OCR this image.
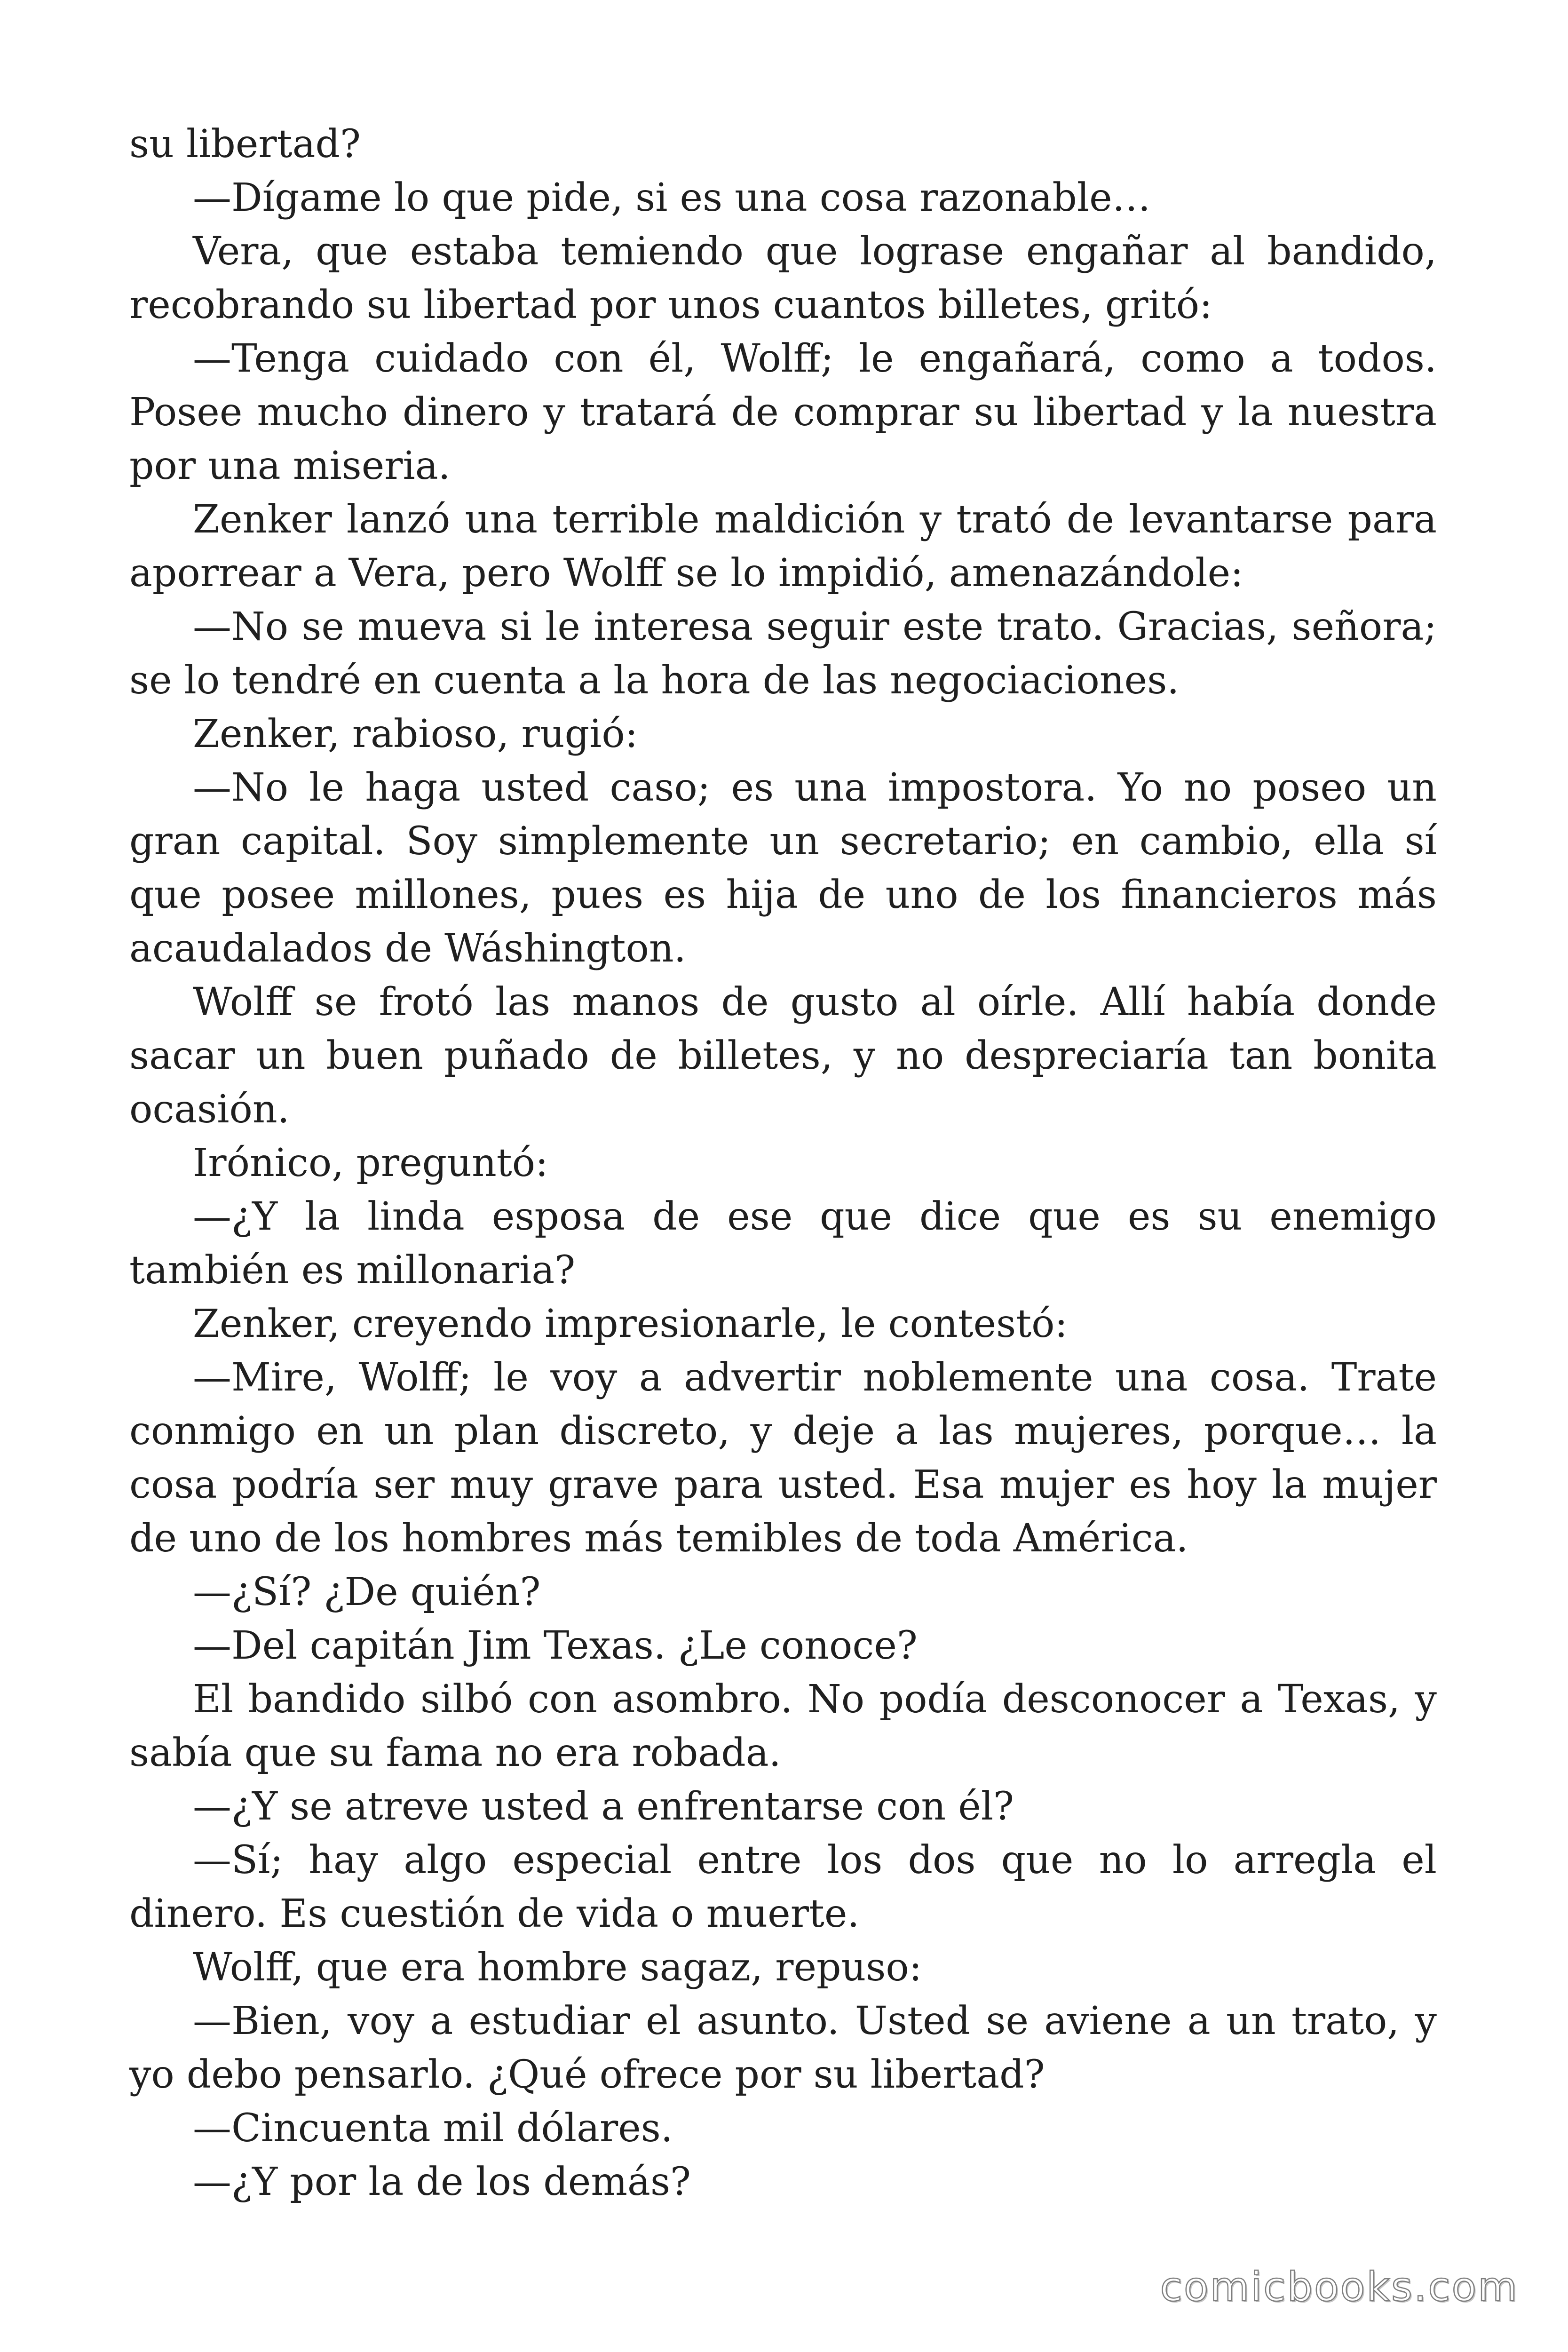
su libertad?

—Dígame lo que pide, si es una cosa razonable…

Vera, que estaba temiendo que lograse engañar al bandido, recobrando su libertad por unos cuantos billetes, gritó:

—Tenga cuidado con él, Wolff; le engañará, como a todos. Posee mucho dinero y tratará de comprar su libertad y la nuestra por una miseria.

Zenker lanzó una terrible maldición y trató de levantarse para aporrear a Vera, pero Wolff se lo impidió, amenazándole:

—No se mueva si le interesa seguir este trato. Gracias, señora; se lo tendré en cuenta a la hora de las negociaciones.

Zenker, rabioso, rugió:

—No le haga usted caso; es una impostora. Yo no poseo un gran capital. Soy simplemente un secretario; en cambio, ella sí que posee millones, pues es hija de uno de los financieros más acaudalados de Wáshington.

Wolff se frotó las manos de gusto al oírle. Allí había donde sacar un buen puñado de billetes, y no despreciaría tan bonita ocasión.

Irónico, preguntó:

—¿Y la linda esposa de ese que dice que es su enemigo también es millonaria?

Zenker, creyendo impresionarle, le contestó:

—Mire, Wolff; le voy a advertir noblemente una cosa. Trate conmigo en un plan discreto, y deje a las mujeres, porque… la cosa podría ser muy grave para usted. Esa mujer es hoy la mujer de uno de los hombres más temibles de toda América.

—¿Sí? ¿De quién?

—Del capitán Jim Texas. ¿Le conoce?

El bandido silbó con asombro. No podía desconocer a Texas, y sabía que su fama no era robada.

—¿Y se atreve usted a enfrentarse con él?

—Sí; hay algo especial entre los dos que no lo arregla el dinero. Es cuestión de vida o muerte.

Wolff, que era hombre sagaz, repuso:

—Bien, voy a estudiar el asunto. Usted se aviene a un trato, y yo debo pensarlo. ¿Qué ofrece por su libertad?

—Cincuenta mil dólares.

—¿Y por la de los demás?

comicbooks.com
